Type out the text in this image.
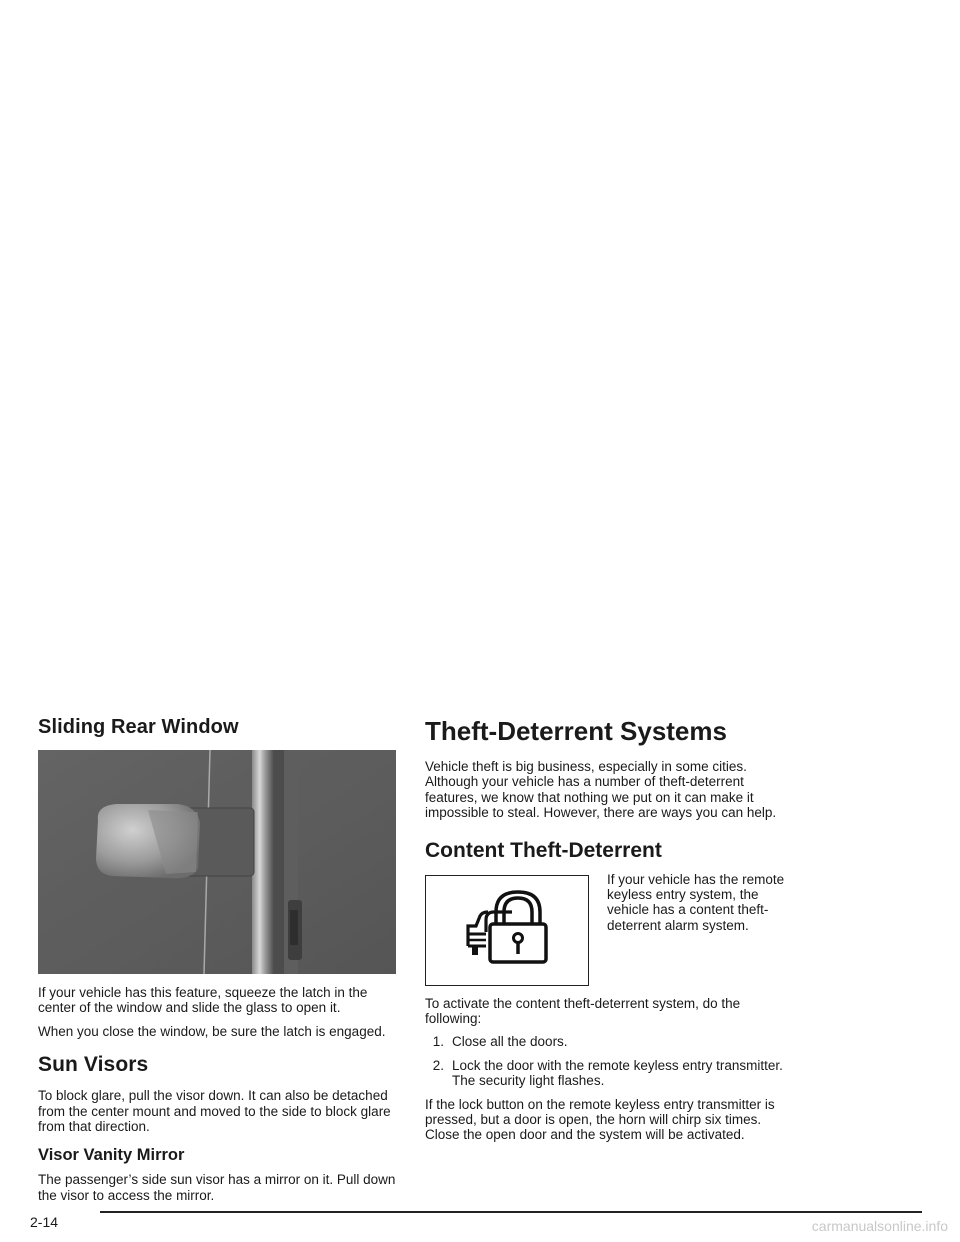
Sliding Rear Window

If your vehicle has this feature, squeeze the latch in the center of the window and slide the glass to open it.

When you close the window, be sure the latch is engaged.

Sun Visors

To block glare, pull the visor down. It can also be detached from the center mount and moved to the side to block glare from that direction.

Visor Vanity Mirror

The passenger’s side sun visor has a mirror on it. Pull down the visor to access the mirror.

Theft-Deterrent Systems

Vehicle theft is big business, especially in some cities. Although your vehicle has a number of theft-deterrent features, we know that nothing we put on it can make it impossible to steal. However, there are ways you can help.

Content Theft-Deterrent

If your vehicle has the remote keyless entry system, the vehicle has a content theft-deterrent alarm system.

To activate the content theft-deterrent system, do the following:

1. Close all the doors.
2. Lock the door with the remote keyless entry transmitter. The security light flashes.

If the lock button on the remote keyless entry transmitter is pressed, but a door is open, the horn will chirp six times. Close the open door and the system will be activated.

2-14	carmanualsonline.info
